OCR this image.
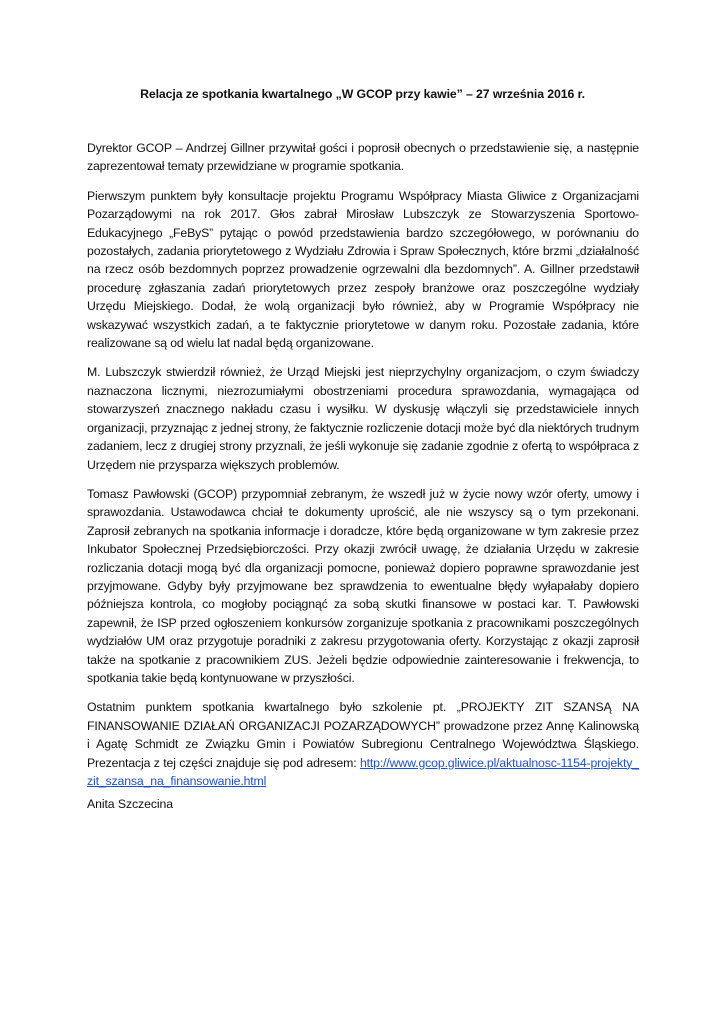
Relacja ze spotkania kwartalnego „W GCOP przy kawie” – 27 września 2016 r.

Dyrektor GCOP – Andrzej Gillner przywitał gości i poprosił obecnych o przedstawienie się, a następnie zaprezentował tematy przewidziane w programie spotkania.

Pierwszym punktem były konsultacje projektu Programu Współpracy Miasta Gliwice z Organizacjami Pozarządowymi na rok 2017. Głos zabrał Mirosław Lubszczyk ze Stowarzyszenia Sportowo-Edukacyjnego „FeByS” pytając o powód przedstawienia bardzo szczegółowego, w porównaniu do pozostałych, zadania priorytetowego z Wydziału Zdrowia i Spraw Społecznych, które brzmi „działalność na rzecz osób bezdomnych poprzez prowadzenie ogrzewalni dla bezdomnych”. A. Gillner przedstawił procedurę zgłaszania zadań priorytetowych przez zespoły branżowe oraz poszczególne wydziały Urzędu Miejskiego. Dodał, że wolą organizacji było również, aby w Programie Współpracy nie wskazywać wszystkich zadań, a te faktycznie priorytetowe w danym roku. Pozostałe zadania, które realizowane są od wielu lat nadal będą organizowane.

M. Lubszczyk stwierdził również, że Urząd Miejski jest nieprzychylny organizacjom, o czym świadczy naznaczona licznymi, niezrozumiałymi obostrzeniami procedura sprawozdania, wymagająca od stowarzyszeń znacznego nakładu czasu i wysiłku. W dyskusję włączyli się przedstawiciele innych organizacji, przyznając z jednej strony, że faktycznie rozliczenie dotacji może być dla niektórych trudnym zadaniem, lecz z drugiej strony przyznali, że jeśli wykonuje się zadanie zgodnie z ofertą to współpraca z Urzędem nie przysparza większych problemów.

Tomasz Pawłowski (GCOP) przypomniał zebranym, że wszedł już w życie nowy wzór oferty, umowy i sprawozdania. Ustawodawca chciał te dokumenty uprościć, ale nie wszyscy są o tym przekonani. Zaprosił zebranych na spotkania informacje i doradcze, które będą organizowane w tym zakresie przez Inkubator Społecznej Przedsiębiorczości. Przy okazji zwrócił uwagę, że działania Urzędu w zakresie rozliczania dotacji mogą być dla organizacji pomocne, ponieważ dopiero poprawne sprawozdanie jest przyjmowane. Gdyby były przyjmowane bez sprawdzenia to ewentualne błędy wyłapałaby dopiero późniejsza kontrola, co mogłoby pociągnąć za sobą skutki finansowe w postaci kar. T. Pawłowski zapewnił, że ISP przed ogłoszeniem konkursów zorganizuje spotkania z pracownikami poszczególnych wydziałów UM oraz przygotuje poradniki z zakresu przygotowania oferty. Korzystając z okazji zaprosił także na spotkanie z pracownikiem ZUS. Jeżeli będzie odpowiednie zainteresowanie i frekwencja, to spotkania takie będą kontynuowane w przyszłości.

Ostatnim punktem spotkania kwartalnego było szkolenie pt. „PROJEKTY ZIT SZANSĄ NA FINANSOWANIE DZIAŁAŃ ORGANIZACJI POZARZĄDOWYCH” prowadzone przez Annę Kalinowską i Agatę Schmidt ze Związku Gmin i Powiatów Subregionu Centralnego Województwa Śląskiego. Prezentacja z tej części znajduje się pod adresem: http://www.gcop.gliwice.pl/aktualnosc-1154-projekty_zit_szansa_na_finansowanie.html

Anita Szczecina
